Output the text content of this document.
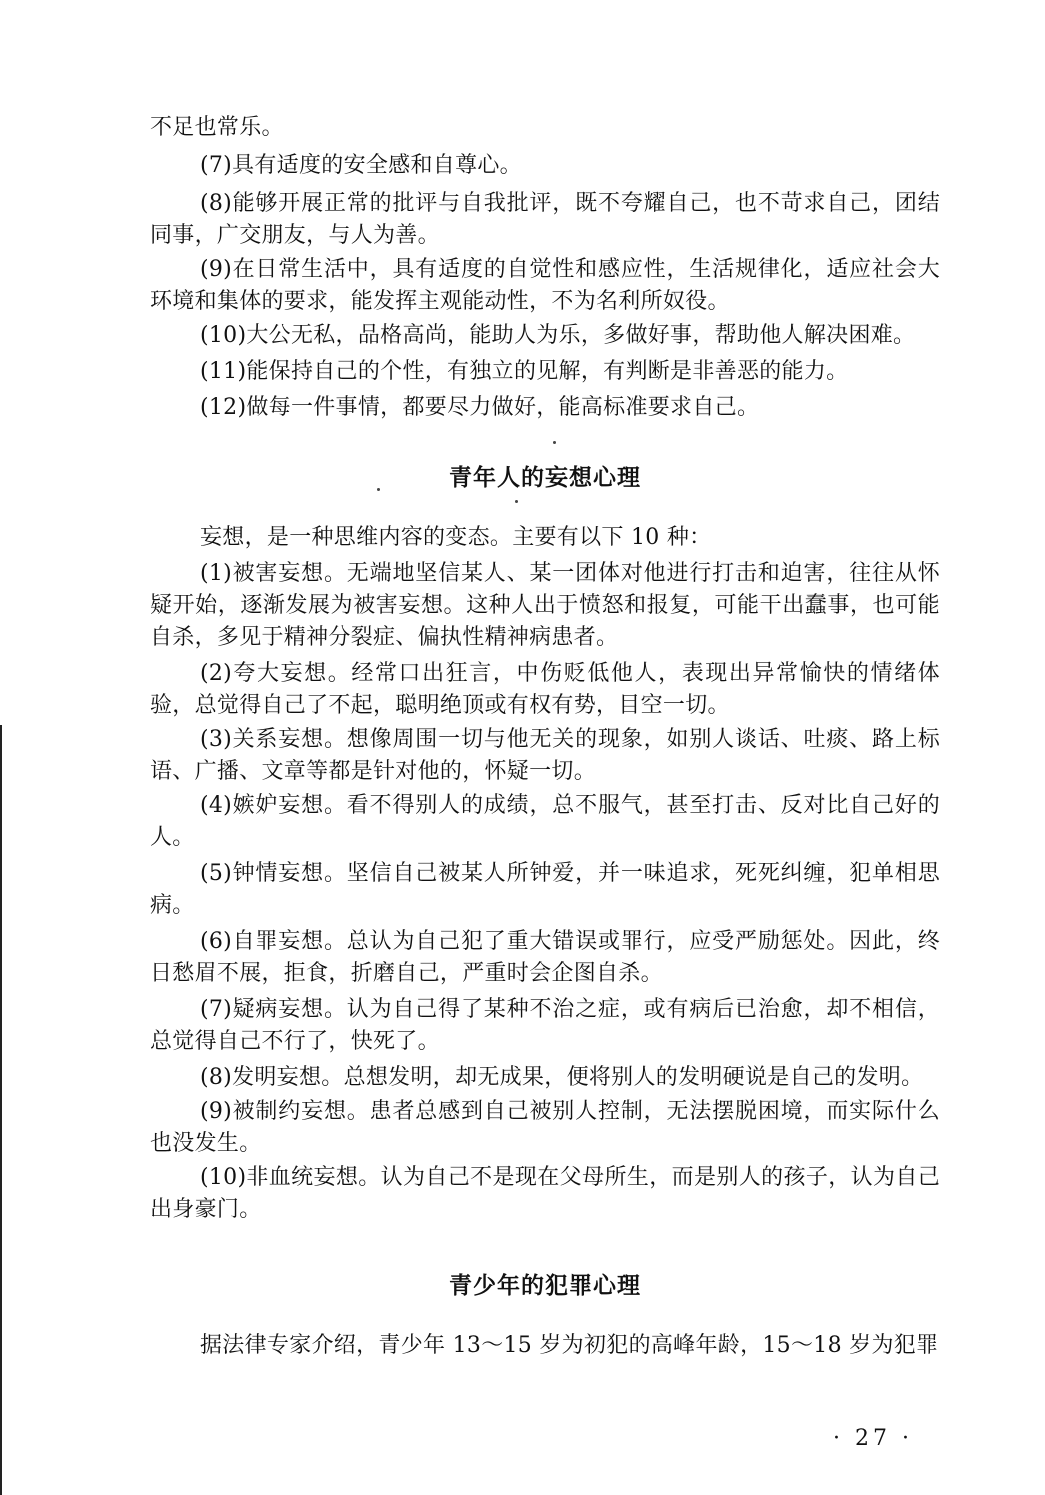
不足也常乐。

(7)具有适度的安全感和自尊心。

(8)能够开展正常的批评与自我批评，既不夸耀自己，也不苛求自己，团结同事，广交朋友，与人为善。

(9)在日常生活中，具有适度的自觉性和感应性，生活规律化，适应社会大环境和集体的要求，能发挥主观能动性，不为名利所奴役。

(10)大公无私，品格高尚，能助人为乐，多做好事，帮助他人解决困难。

(11)能保持自己的个性，有独立的见解，有判断是非善恶的能力。

(12)做每一件事情，都要尽力做好，能高标准要求自己。

青年人的妄想心理

妄想，是一种思维内容的变态。主要有以下 10 种：

(1)被害妄想。无端地坚信某人、某一团体对他进行打击和迫害，往往从怀疑开始，逐渐发展为被害妄想。这种人出于愤怒和报复，可能干出蠢事，也可能自杀，多见于精神分裂症、偏执性精神病患者。

(2)夸大妄想。经常口出狂言，中伤贬低他人，表现出异常愉快的情绪体验，总觉得自己了不起，聪明绝顶或有权有势，目空一切。

(3)关系妄想。想像周围一切与他无关的现象，如别人谈话、吐痰、路上标语、广播、文章等都是针对他的，怀疑一切。

(4)嫉妒妄想。看不得别人的成绩，总不服气，甚至打击、反对比自己好的人。

(5)钟情妄想。坚信自己被某人所钟爱，并一味追求，死死纠缠，犯单相思病。

(6)自罪妄想。总认为自己犯了重大错误或罪行，应受严励惩处。因此，终日愁眉不展，拒食，折磨自己，严重时会企图自杀。

(7)疑病妄想。认为自己得了某种不治之症，或有病后已治愈，却不相信，总觉得自己不行了，快死了。

(8)发明妄想。总想发明，却无成果，便将别人的发明硬说是自己的发明。

(9)被制约妄想。患者总感到自己被别人控制，无法摆脱困境，而实际什么也没发生。

(10)非血统妄想。认为自己不是现在父母所生，而是别人的孩子，认为自己出身豪门。

青少年的犯罪心理

据法律专家介绍，青少年 13～15 岁为初犯的高峰年龄，15～18 岁为犯罪

· 27 ·
